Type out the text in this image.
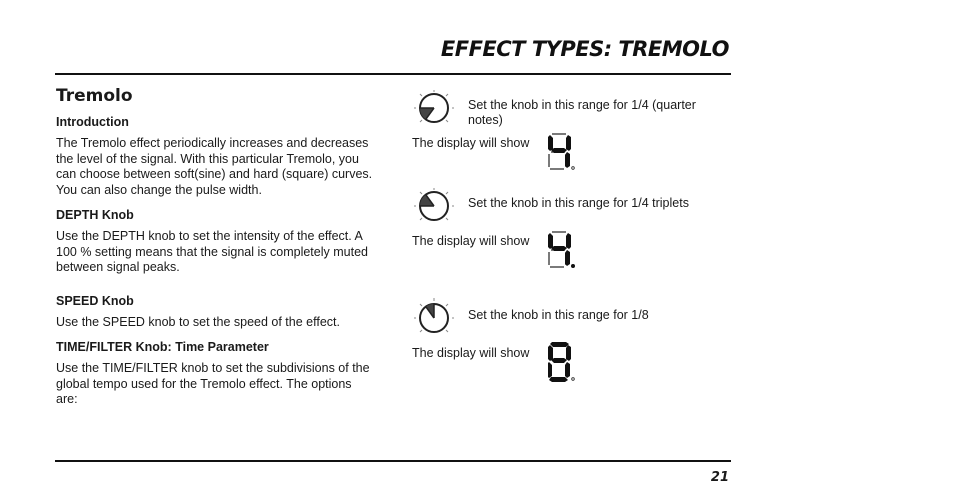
EFFECT TYPES: TREMOLO
Tremolo
Introduction
The Tremolo effect periodically increases and decreases the level of the signal. With this particular Tremolo, you can choose between soft(sine) and hard (square) curves. You can also change the pulse width.
DEPTH Knob
Use the DEPTH knob to set the intensity of the effect. A 100 % setting means that the signal is completely muted between signal peaks.
SPEED Knob
Use the SPEED knob to set the speed of the effect.
TIME/FILTER Knob: Time Parameter
Use the TIME/FILTER knob to set the subdivisions of the global tempo used for the Tremolo effect. The options are:
Set the knob in this range for 1/4 (quarter notes)
The display will show
Set the knob in this range for 1/4 triplets
The display will show
Set the knob in this range for 1/8
The display will show
21
